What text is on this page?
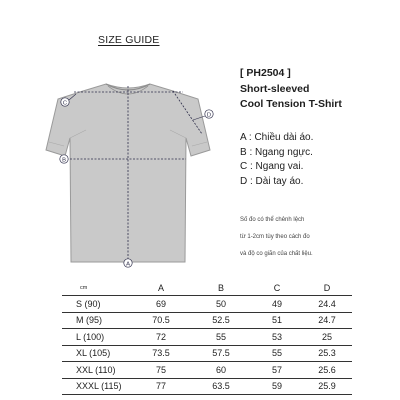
SIZE GUIDE
C
D
B
A
[ PH2504 ]
Short-sleeved
Cool Tension T-Shirt
A : Chiều dài áo.
B : Ngang ngực.
C : Ngang vai.
D : Dài tay áo.
Số đo có thể chênh lệch
từ 1-2cm tùy theo cách đo
và độ co giãn của chất liệu.
cm	A	B	C	D
S (90)	69	50	49	24.4
M (95)	70.5	52.5	51	24.7
L (100)	72	55	53	25
XL (105)	73.5	57.5	55	25.3
XXL (110)	75	60	57	25.6
XXXL (115)	77	63.5	59	25.9
